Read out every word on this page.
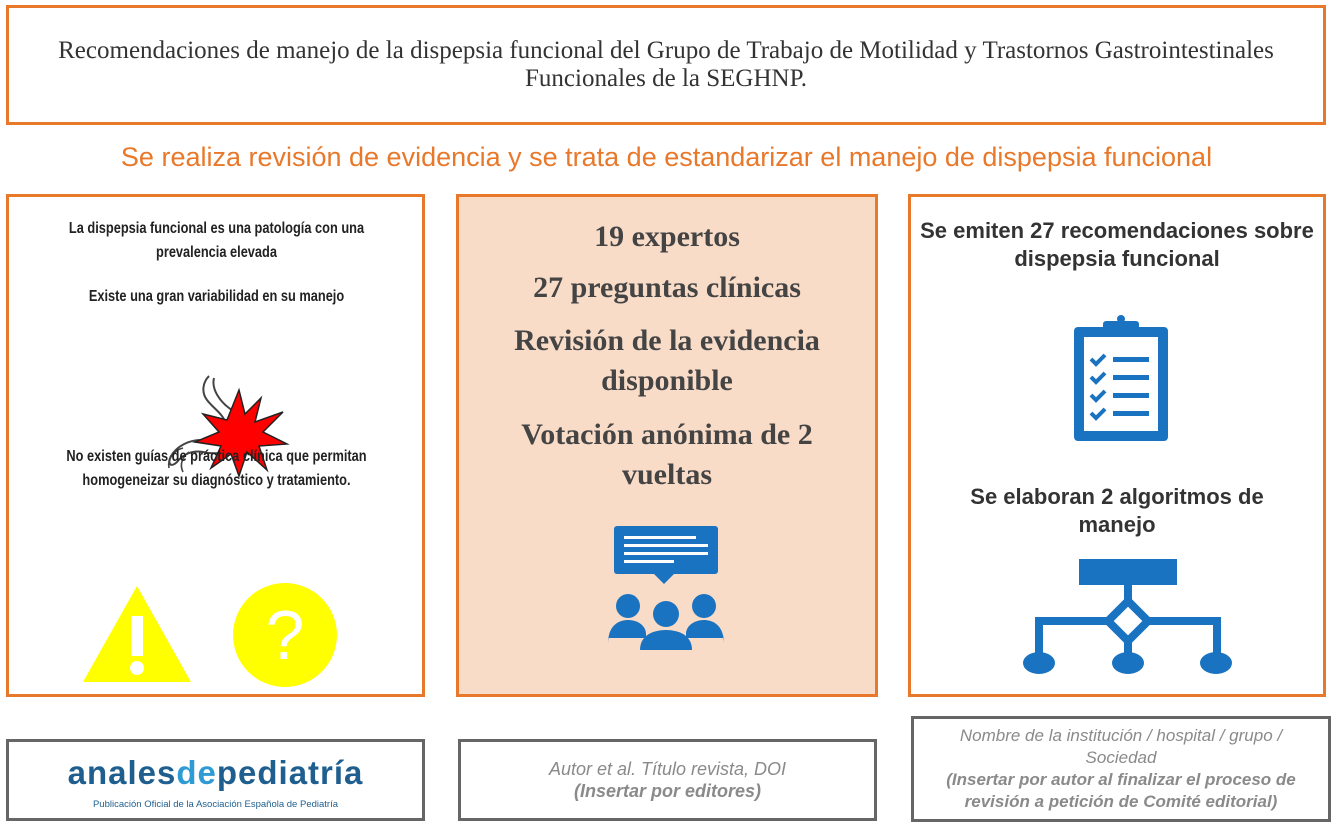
Recomendaciones de manejo de la dispepsia funcional del Grupo de Trabajo de Motilidad y Trastornos Gastrointestinales Funcionales de la SEGHNP.
Se realiza revisión de evidencia y se trata de estandarizar el manejo de dispepsia funcional
La dispepsia funcional es una patología con una prevalencia elevada
Existe una gran variabilidad en su manejo
No existen guías de práctica clínica que permitan homogeneizar su diagnóstico y tratamiento.
?
19 expertos
27 preguntas clínicas
Revisión de la evidencia disponible
Votación anónima de 2 vueltas
Se emiten 27 recomendaciones sobre dispepsia funcional
Se elaboran 2 algoritmos de manejo
analesdepediatría
Publicación Oficial de la Asociación Española de Pediatría
Autor et al. Título revista, DOI
(Insertar por editores)
Nombre de la institución / hospital / grupo / Sociedad
(Insertar por autor al finalizar el proceso de revisión a petición de Comité editorial)
